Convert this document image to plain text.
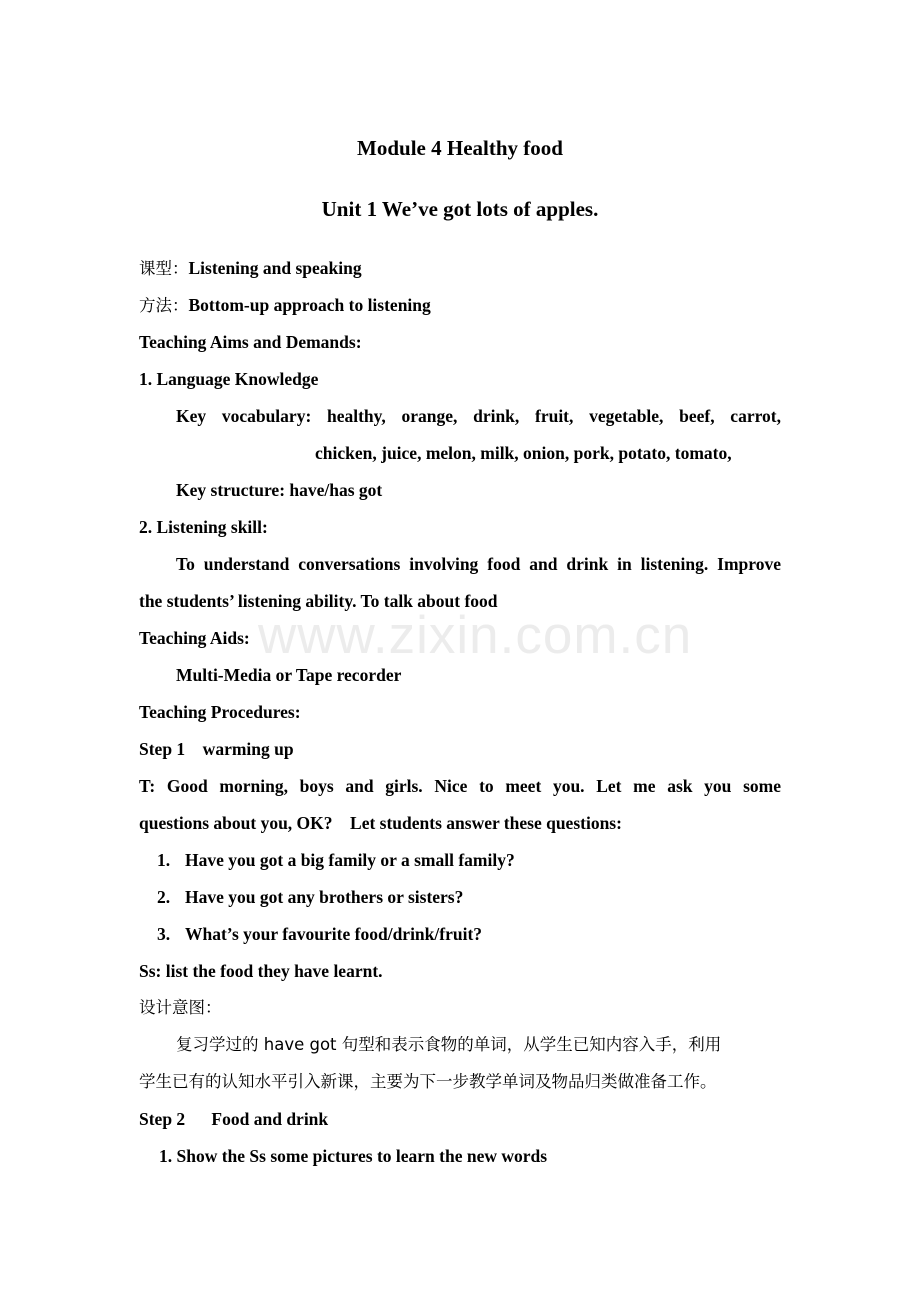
www.zixin.com.cn
Module 4 Healthy food
Unit 1 We’ve got lots of apples.
课型：Listening and speaking
方法：Bottom-up approach to listening
Teaching Aims and Demands:
1. Language Knowledge
Key vocabulary: healthy, orange, drink, fruit, vegetable, beef, carrot,
chicken, juice, melon, milk, onion, pork, potato, tomato,
Key structure: have/has got
2. Listening skill:
To understand conversations involving food and drink in listening. Improve
the students’ listening ability. To talk about food
Teaching Aids:
Multi-Media or Tape recorder
Teaching Procedures:
Step 1    warming up
T: Good morning, boys and girls. Nice to meet you. Let me ask you some
questions about you, OK?    Let students answer these questions:
1. Have you got a big family or a small family?
2. Have you got any brothers or sisters?
3. What’s your favourite food/drink/fruit?
Ss: list the food they have learnt.
设计意图：
复习学过的 have got 句型和表示食物的单词，从学生已知内容入手，利用
学生已有的认知水平引入新课，主要为下一步教学单词及物品归类做准备工作。
Step 2      Food and drink
1. Show the Ss some pictures to learn the new words
